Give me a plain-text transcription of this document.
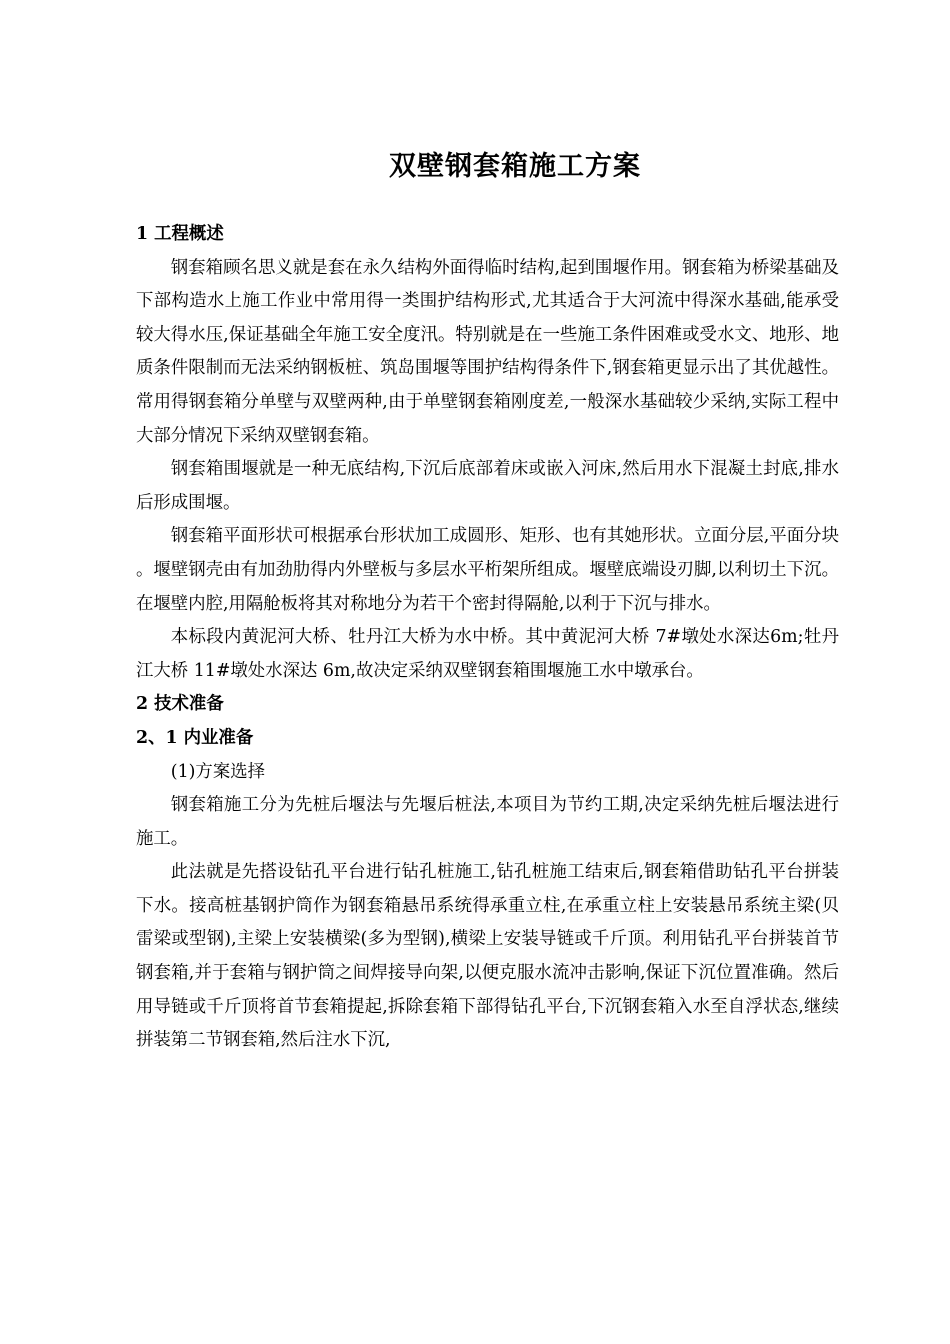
双壁钢套箱施工方案

1 工程概述

钢套箱顾名思义就是套在永久结构外面得临时结构,起到围堰作用。钢套箱为桥梁基础及下部构造水上施工作业中常用得一类围护结构形式,尤其适合于大河流中得深水基础,能承受较大得水压,保证基础全年施工安全度汛。特别就是在一些施工条件困难或受水文、地形、地质条件限制而无法采纳钢板桩、筑岛围堰等围护结构得条件下,钢套箱更显示出了其优越性。常用得钢套箱分单壁与双壁两种,由于单壁钢套箱刚度差,一般深水基础较少采纳,实际工程中大部分情况下采纳双壁钢套箱。

钢套箱围堰就是一种无底结构,下沉后底部着床或嵌入河床,然后用水下混凝土封底,排水后形成围堰。

钢套箱平面形状可根据承台形状加工成圆形、矩形、也有其她形状。立面分层,平面分块。堰壁钢壳由有加劲肋得内外壁板与多层水平桁架所组成。堰壁底端设刃脚,以利切土下沉。在堰壁内腔,用隔舱板将其对称地分为若干个密封得隔舱,以利于下沉与排水。

本标段内黄泥河大桥、牡丹江大桥为水中桥。其中黄泥河大桥 7#墩处水深达6m;牡丹江大桥 11#墩处水深达 6m,故决定采纳双壁钢套箱围堰施工水中墩承台。

2 技术准备

2、1 内业准备

(1)方案选择

钢套箱施工分为先桩后堰法与先堰后桩法,本项目为节约工期,决定采纳先桩后堰法进行施工。

此法就是先搭设钻孔平台进行钻孔桩施工,钻孔桩施工结束后,钢套箱借助钻孔平台拼装下水。接高桩基钢护筒作为钢套箱悬吊系统得承重立柱,在承重立柱上安装悬吊系统主梁(贝雷梁或型钢),主梁上安装横梁(多为型钢),横梁上安装导链或千斤顶。利用钻孔平台拼装首节钢套箱,并于套箱与钢护筒之间焊接导向架,以便克服水流冲击影响,保证下沉位置准确。然后用导链或千斤顶将首节套箱提起,拆除套箱下部得钻孔平台,下沉钢套箱入水至自浮状态,继续拼装第二节钢套箱,然后注水下沉,
